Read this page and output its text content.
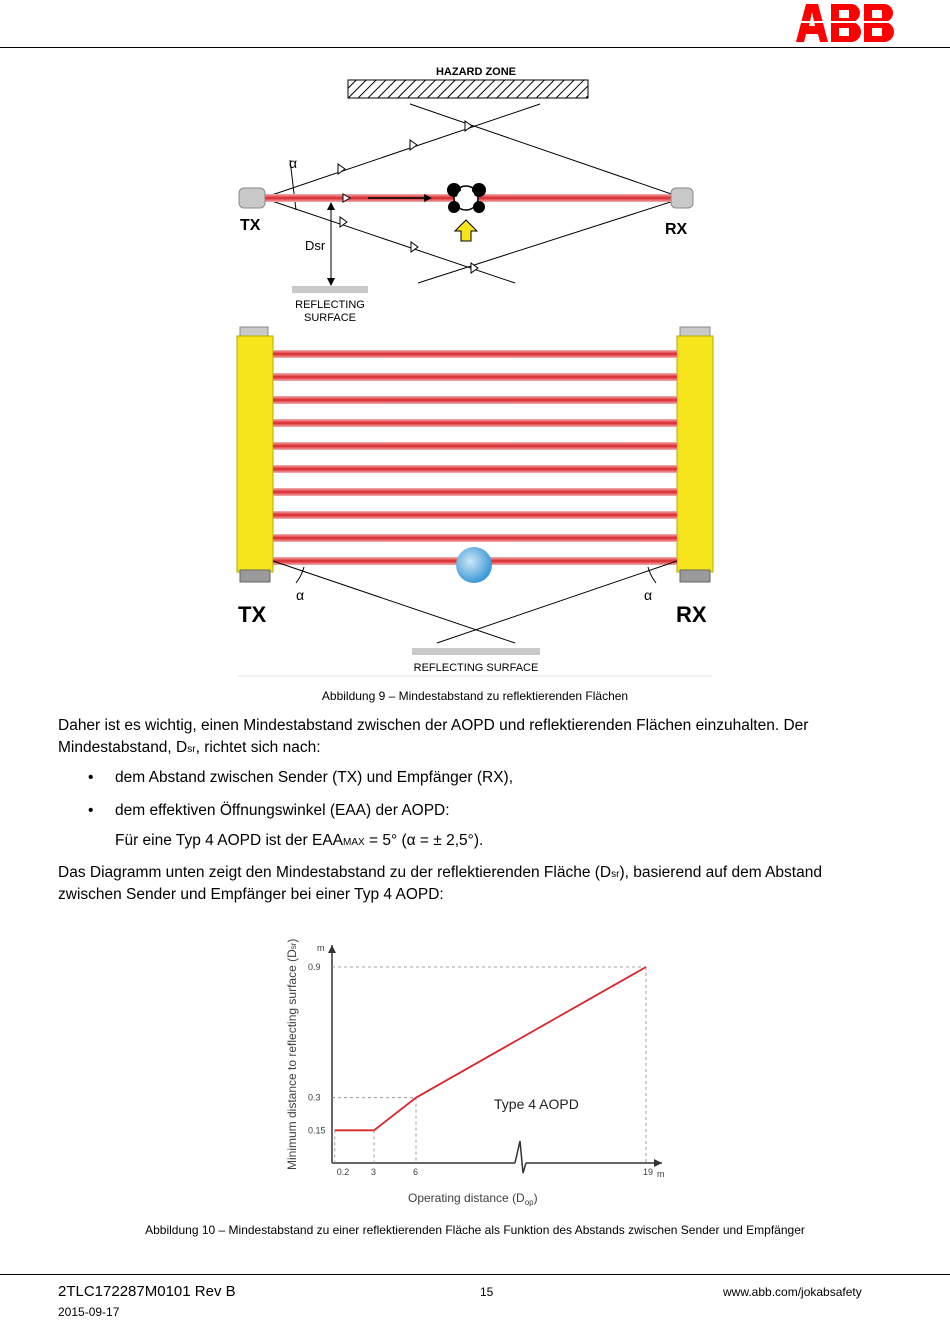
HAZARD ZONE
α
TX	RX
Dsr
REFLECTING
SURFACE
α	α
TX	RX
REFLECTING SURFACE
Abbildung 9 – Mindestabstand zu reflektierenden Flächen
Daher ist es wichtig, einen Mindestabstand zwischen der AOPD und reflektierenden Flächen einzuhalten. Der
Mindestabstand, Dsr, richtet sich nach:
• dem Abstand zwischen Sender (TX) und Empfänger (RX),
• dem effektiven Öffnungswinkel (EAA) der AOPD:
Für eine Typ 4 AOPD ist der EAAMAX = 5° (α = ± 2,5°).
Das Diagramm unten zeigt den Mindestabstand zu der reflektierenden Fläche (Dsr), basierend auf dem Abstand
zwischen Sender und Empfänger bei einer Typ 4 AOPD:
0.2 3	6	19
0.15
0.3
0.9
Minimum distance to reflecting surface (Dsr)
Operating distance $(D_{op})$
m
m
Type 4 AOPD
Abbildung 10 – Mindestabstand zu einer reflektierenden Fläche als Funktion des Abstands zwischen Sender und Empfänger
2TLC172287M0101 Rev B	15	www.abb.com/jokabsafety
2015-09-17
